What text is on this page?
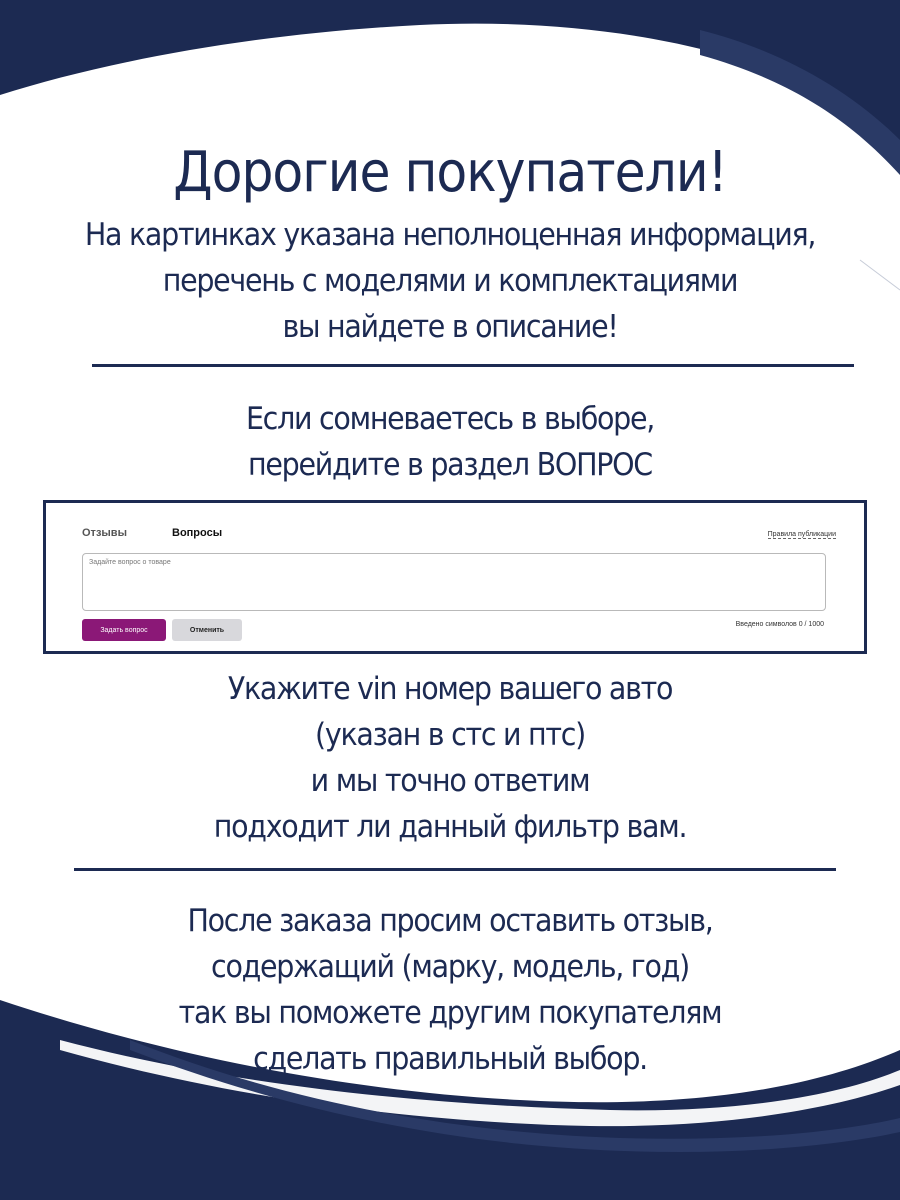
Дорогие покупатели!
На картинках указана неполноценная информация,
перечень с моделями и комплектациями
вы найдете в описание!
Если сомневаетесь в выборе,
перейдите в раздел ВОПРОС
Отзывы	Вопросы	Правила публикации
Задайте вопрос о товаре
Задать вопрос	Отменить
Введено символов 0 / 1000
Укажите vin номер вашего авто
(указан в стс и птс)
и мы точно ответим
подходит ли данный фильтр вам.
После заказа просим оставить отзыв,
содержащий (марку, модель, год)
так вы поможете другим покупателям
сделать правильный выбор.
